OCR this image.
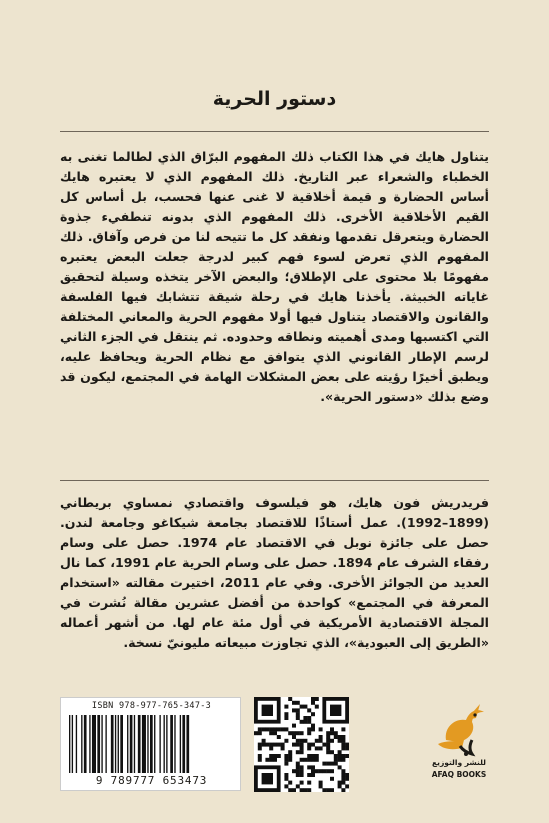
دستور الحرية
يتناول هايك في هذا الكتاب ذلك المفهوم البرّاق الذي لطالما تغنى به الخطباء والشعراء عبر التاريخ. ذلك المفهوم الذي لا يعتبره هايك أساس الحضارة و قيمة أخلاقية لا غنى عنها فحسب، بل أساس كل القيم الأخلاقية الأخرى. ذلك المفهوم الذي بدونه تنطفيء جذوة الحضارة ويتعرقل تقدمها ونفقد كل ما تتيحه لنا من فرص وآفاق. ذلك المفهوم الذي تعرض لسوء فهم كبير لدرجة جعلت البعض يعتبره مفهومًا بلا محتوى على الإطلاق؛ والبعض الآخر يتخذه وسيلة لتحقيق غاياته الخبيثة. يأخذنا هايك في رحلة شيقة تتشابك فيها الفلسفة والقانون والاقتصاد يتناول فيها أولا مفهوم الحرية والمعاني المختلفة التي اكتسبها ومدى أهميته ونطاقه وحدوده. ثم ينتقل في الجزء الثاني لرسم الإطار القانوني الذي يتوافق مع نظام الحرية ويحافظ عليه، ويطبق أخيرًا رؤيته على بعض المشكلات الهامة في المجتمع، ليكون قد وضع بذلك «دستور الحرية».
فريدريش فون هايك، هو فيلسوف واقتصادي نمساوي بريطاني (1899–1992). عمل أستاذًا للاقتصاد بجامعة شيكاغو وجامعة لندن. حصل على جائزة نوبل في الاقتصاد عام 1974. حصل على وسام رفقاء الشرف عام 1894. حصل على وسام الحرية عام 1991، كما نال العديد من الجوائز الأخرى. وفي عام 2011، اختيرت مقالته «استخدام المعرفة في المجتمع» كواحدة من أفضل عشرين مقالة نُشرت في المجلة الاقتصادية الأمريكية في أول مئة عام لها. من أشهر أعماله «الطريق إلى العبودية»، الذي تجاوزت مبيعاته مليونيّ نسخة.
ISBN 978-977-765-347-3
9 789777 653473
للنشر والتوزيع
AFAQ BOOKS
